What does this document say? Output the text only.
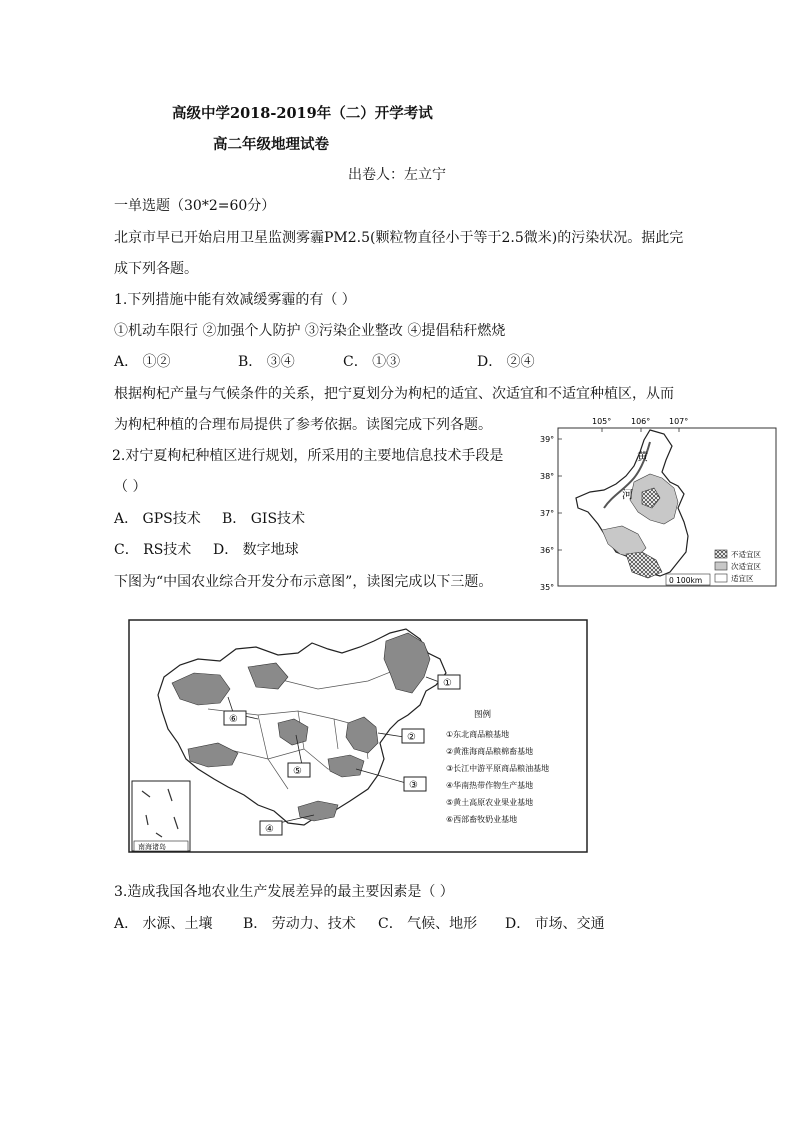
高级中学2018-2019年（二）开学考试
高二年级地理试卷
出卷人：左立宁
一单选题（30*2=60分）
北京市早已开始启用卫星监测雾霾PM2.5(颗粒物直径小于等于2.5微米)的污染状况。据此完
成下列各题。
1.下列措施中能有效减缓雾霾的有（ ）
①机动车限行 ②加强个人防护 ③污染企业整改 ④提倡秸秆燃烧
A． ①②	B． ③④	C． ①③	D． ②④
根据枸杞产量与气候条件的关系，把宁夏划分为枸杞的适宜、次适宜和不适宜种植区，从而
为枸杞种植的合理布局提供了参考依据。读图完成下列各题。
2.对宁夏枸杞种植区进行规划，所采用的主要地信息技术手段是
（ ）
A． GPS技术 B． GIS技术
C． RS技术 D． 数字地球
105° 106° 107°
39°
38°
37°
36°
35°
黄
河
不适宜区
次适宜区
适宜区
0 100km
下图为“中国农业综合开发分布示意图”，读图完成以下三题。
①
②
③
④
⑤
⑥	图例
①东北商品粮基地
②黄淮海商品粮棉畜基地
③长江中游平原商品粮油基地
④华南热带作物生产基地
⑤黄土高原农业果业基地
⑥西部畜牧奶业基地
南海诸岛
3.造成我国各地农业生产发展差异的最主要因素是（ ）
A． 水源、土壤 B． 劳动力、技术 C． 气候、地形 D． 市场、交通
